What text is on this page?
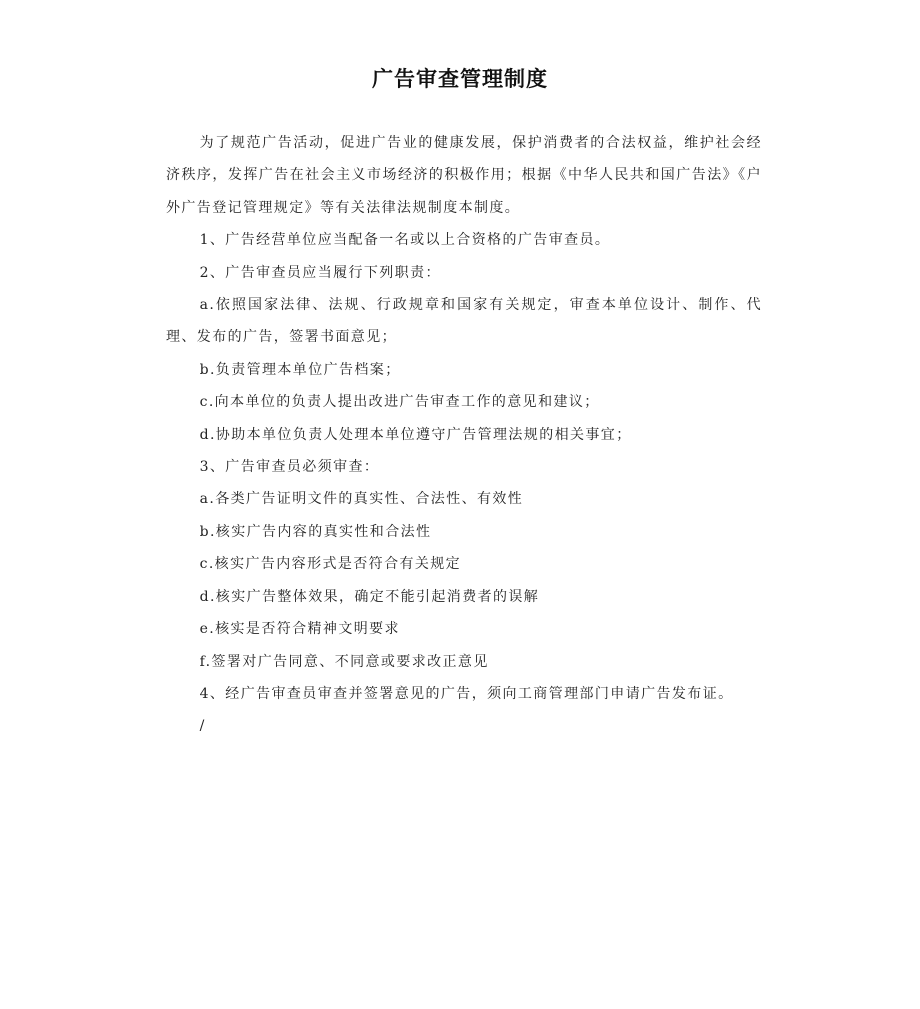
广告审查管理制度

为了规范广告活动，促进广告业的健康发展，保护消费者的合法权益，维护社会经济秩序，发挥广告在社会主义市场经济的积极作用；根据《中华人民共和国广告法》《户外广告登记管理规定》等有关法律法规制度本制度。

1、广告经营单位应当配备一名或以上合资格的广告审查员。

2、广告审查员应当履行下列职责：

a.依照国家法律、法规、行政规章和国家有关规定，审查本单位设计、制作、代理、发布的广告，签署书面意见；

b.负责管理本单位广告档案；

c.向本单位的负责人提出改进广告审查工作的意见和建议；

d.协助本单位负责人处理本单位遵守广告管理法规的相关事宜；

3、广告审查员必须审查：

a.各类广告证明文件的真实性、合法性、有效性

b.核实广告内容的真实性和合法性

c.核实广告内容形式是否符合有关规定

d.核实广告整体效果，确定不能引起消费者的误解

e.核实是否符合精神文明要求

f.签署对广告同意、不同意或要求改正意见

4、经广告审查员审查并签署意见的广告，须向工商管理部门申请广告发布证。

/
